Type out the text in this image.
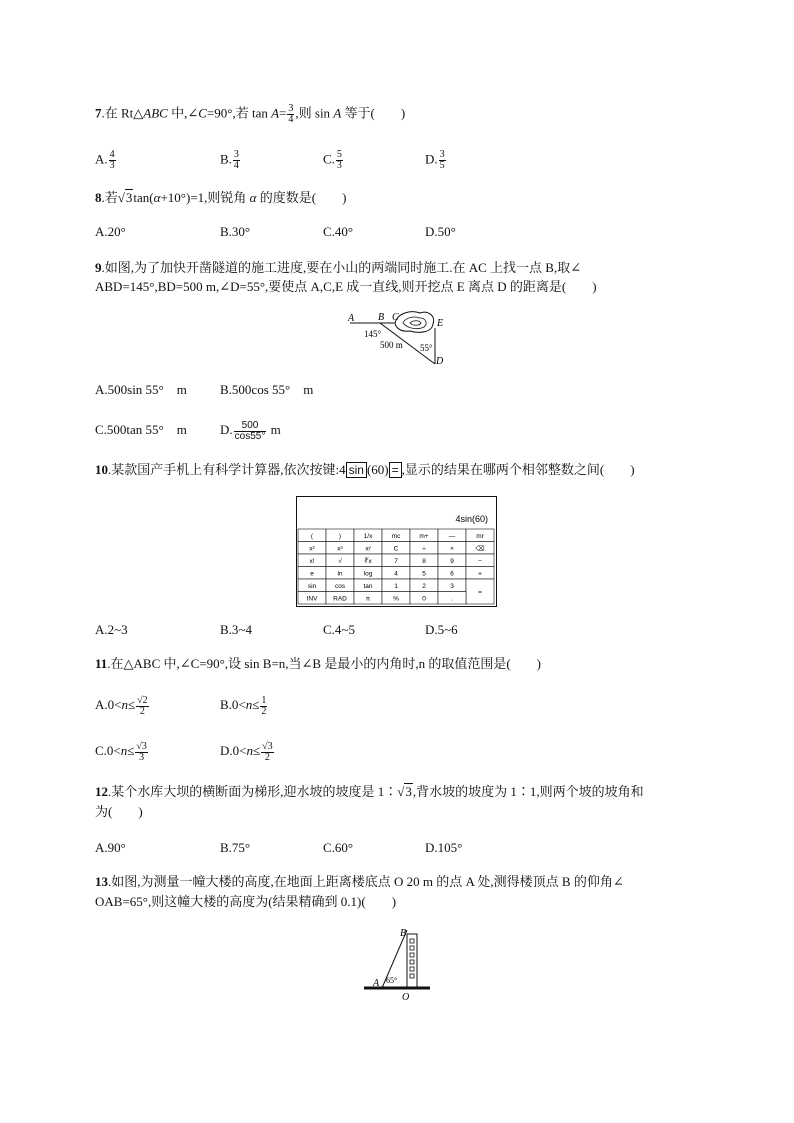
7.在 Rt△ABC 中,∠C=90°,若 $\tan A= \frac{3}{4}$ ,则 sin A 等于(　　)
A. $\frac{4}{3}$	B. $\frac{3}{4}$	C. $\frac{5}{3}$	D. $\frac{3}{5}$
8.若√3tan(α+10°)=1,则锐角 α 的度数是(　　)
A.20°	B.30°	C.40°	D.50°
9.如图,为了加快开凿隧道的施工进度,要在小山的两端同时施工.在 AC 上找一点 B,取∠
ABD=145°,BD=500 m,∠D=55°,要使点 A,C,E 成一直线,则开挖点 E 离点 D 的距离是(　　)
A B C
E
D
145°
500 m 55°
A.500sin 55°　m	B.500cos 55°　m
C.500tan 55°　m	D. $\frac{500}{\cos 55^\circ}$ m
10.某款国产手机上有科学计算器,依次按键:4 sin (60) = ,显示的结果在哪两个相邻整数之间(　　)
4sin(60)
(	)	1/x	mc	m+	—	mr
x²	x³	xʸ	C	÷	×	⌫
x!	√	∛x	7	8	9	−
e	ln	log	4	5	6	+
sin	cos	tan	1	2	3
=
INV RAD	π	%	0	.
A.2~3	B.3~4	C.4~5	D.5~6
11.在△ABC 中,∠C=90°,设 sin B=n,当∠B 是最小的内角时,n 的取值范围是(　　)
$A.0<n\le \frac{√2}{2}$	$B.0<n\le \frac{1}{2}$
$C.0<n\le \frac{√3}{3}$	$D.0<n\le \frac{√3}{2}$
12.某个水库大坝的横断面为梯形,迎水坡的坡度是 1∶√3,背水坡的坡度为 1∶1,则两个坡的坡角和
为(　　)
A.90°	B.75°	C.60°	D.105°
13.如图,为测量一幢大楼的高度,在地面上距离楼底点 O 20 m 的点 A 处,测得楼顶点 B 的仰角∠
OAB=65°,则这幢大楼的高度为(结果精确到 0.1)(　　)
B
A 65°
O
